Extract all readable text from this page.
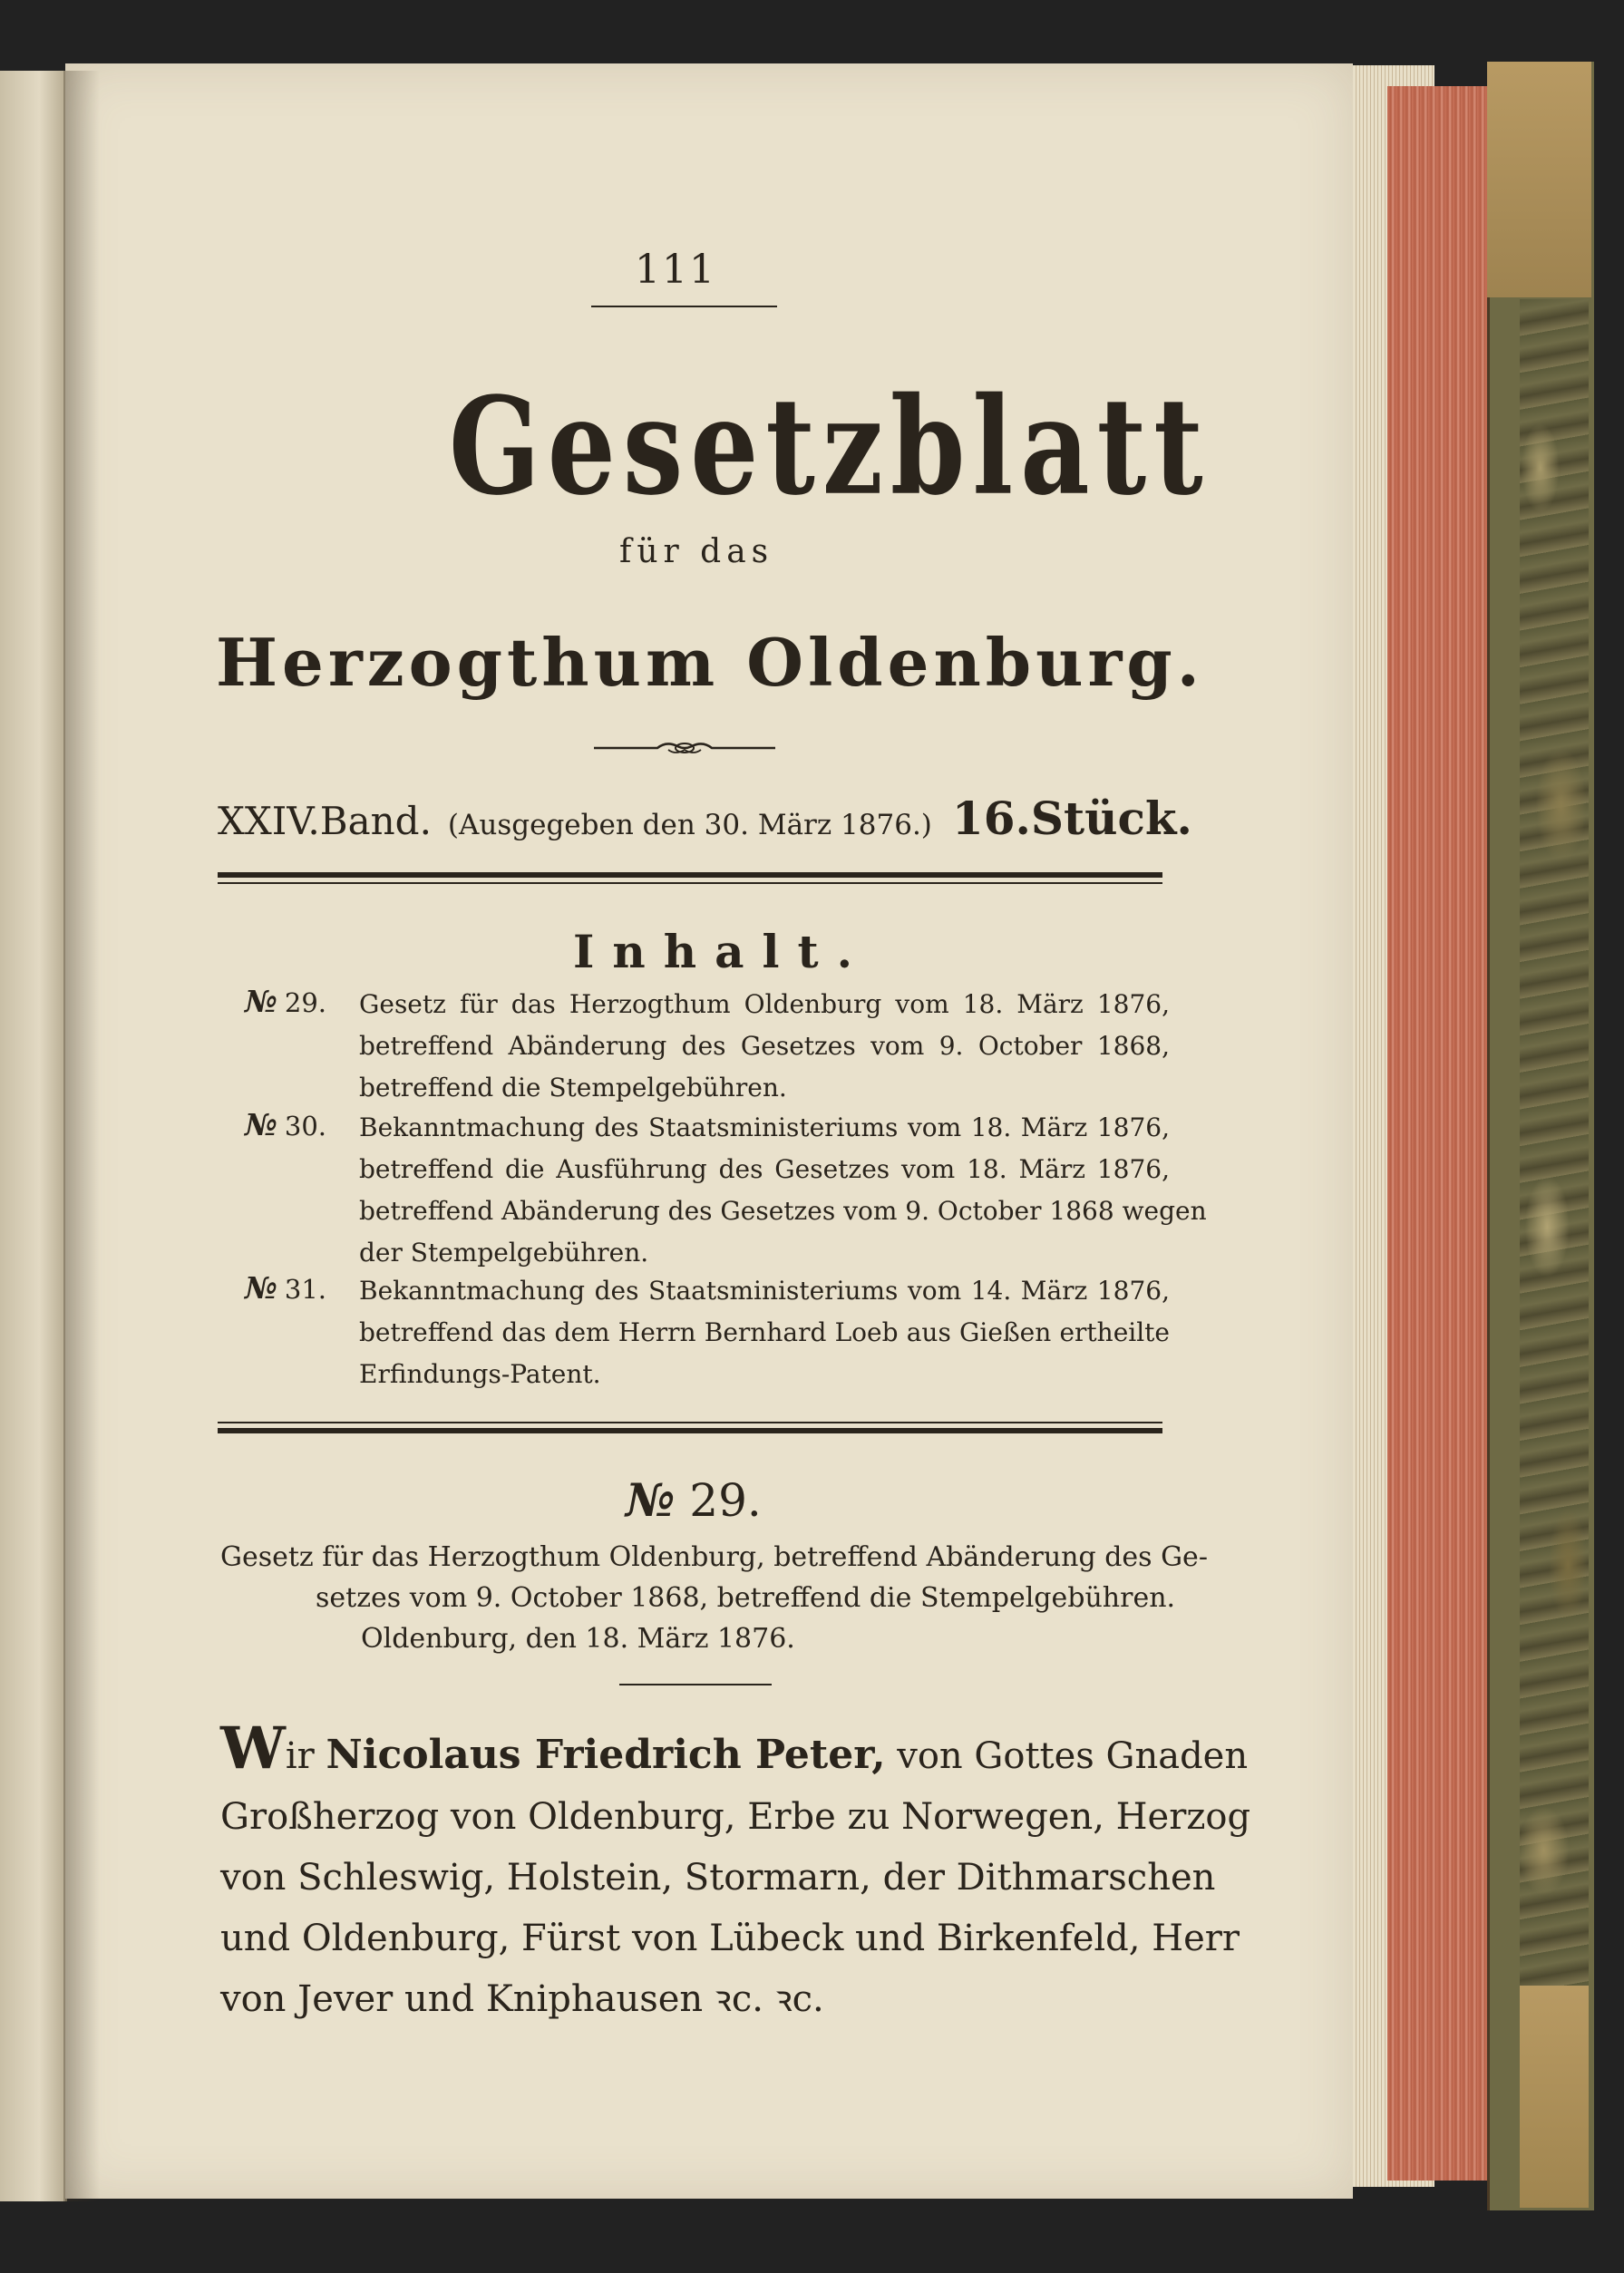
111
Gesetzblatt
für das
Herzogthum Oldenburg.
XXIV.Band. (Ausgegeben den 30. März 1876.) 16.Stück.
Inhalt.
№ 29. Gesetz für das Herzogthum Oldenburg vom 18. März 1876,
betreffend Abänderung des Gesetzes vom 9. October 1868,
betreffend die Stempelgebühren.
№ 30. Bekanntmachung des Staatsministeriums vom 18. März 1876,
betreffend die Ausführung des Gesetzes vom 18. März 1876,
betreffend Abänderung des Gesetzes vom 9. October 1868 wegen
der Stempelgebühren.
№ 31. Bekanntmachung des Staatsministeriums vom 14. März 1876,
betreffend das dem Herrn Bernhard Loeb aus Gießen ertheilte
Erfindungs-Patent.
№ 29.
Gesetz für das Herzogthum Oldenburg, betreffend Abänderung des Ge-
setzes vom 9. October 1868, betreffend die Stempelgebühren.
Oldenburg, den 18. März 1876.
Wir Nicolaus Friedrich Peter, von Gottes Gnaden
Großherzog von Oldenburg, Erbe zu Norwegen, Herzog
von Schleswig, Holstein, Stormarn, der Dithmarschen
und Oldenburg, Fürst von Lübeck und Birkenfeld, Herr
von Jever und Kniphausen ꝛc. ꝛc.
